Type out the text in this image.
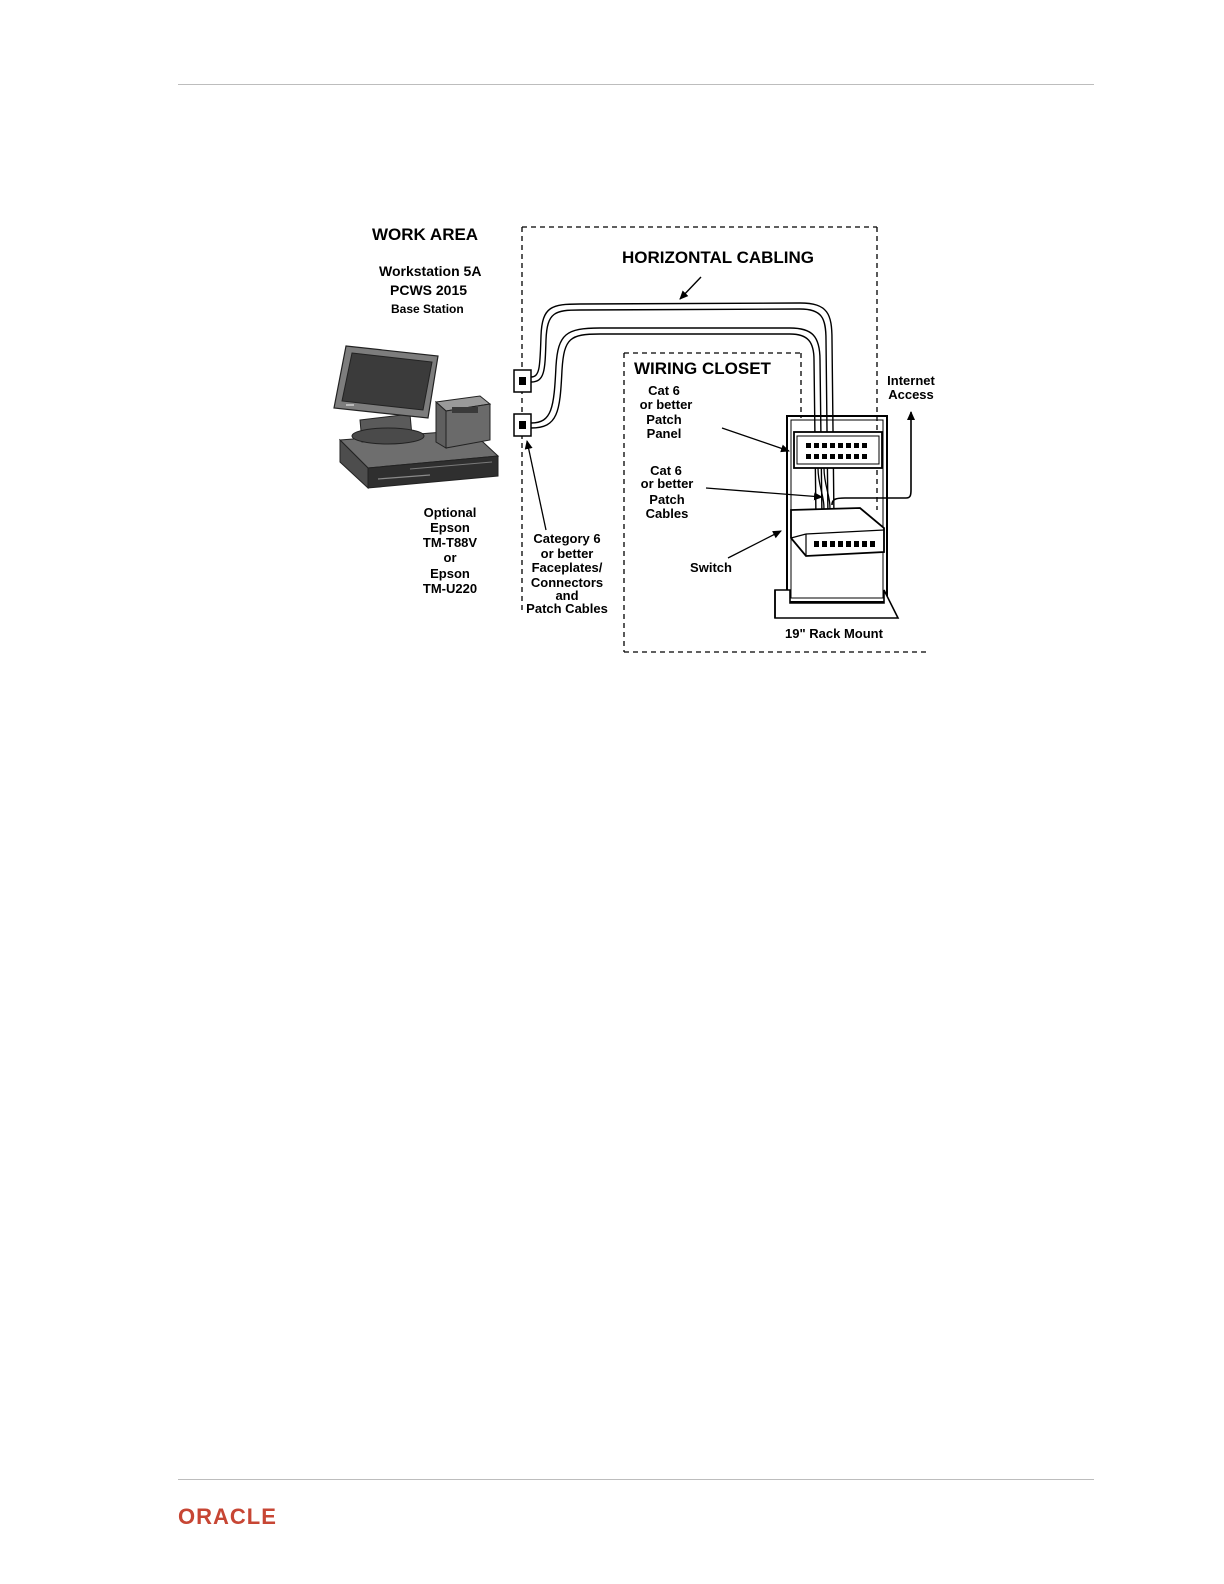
WORK AREA
Workstation 5A
PCWS 2015
Base Station
HORIZONTAL CABLING
WIRING CLOSET
Cat 6
or better
Patch
Panel
Cat 6
or better
Patch
Cables
Internet
Access
Optional
Epson
TM-T88V
or
Epson
TM-U220
Category 6
or better
Faceplates/
Connectors
and
Patch Cables
Switch
19" Rack Mount
ORACLE
